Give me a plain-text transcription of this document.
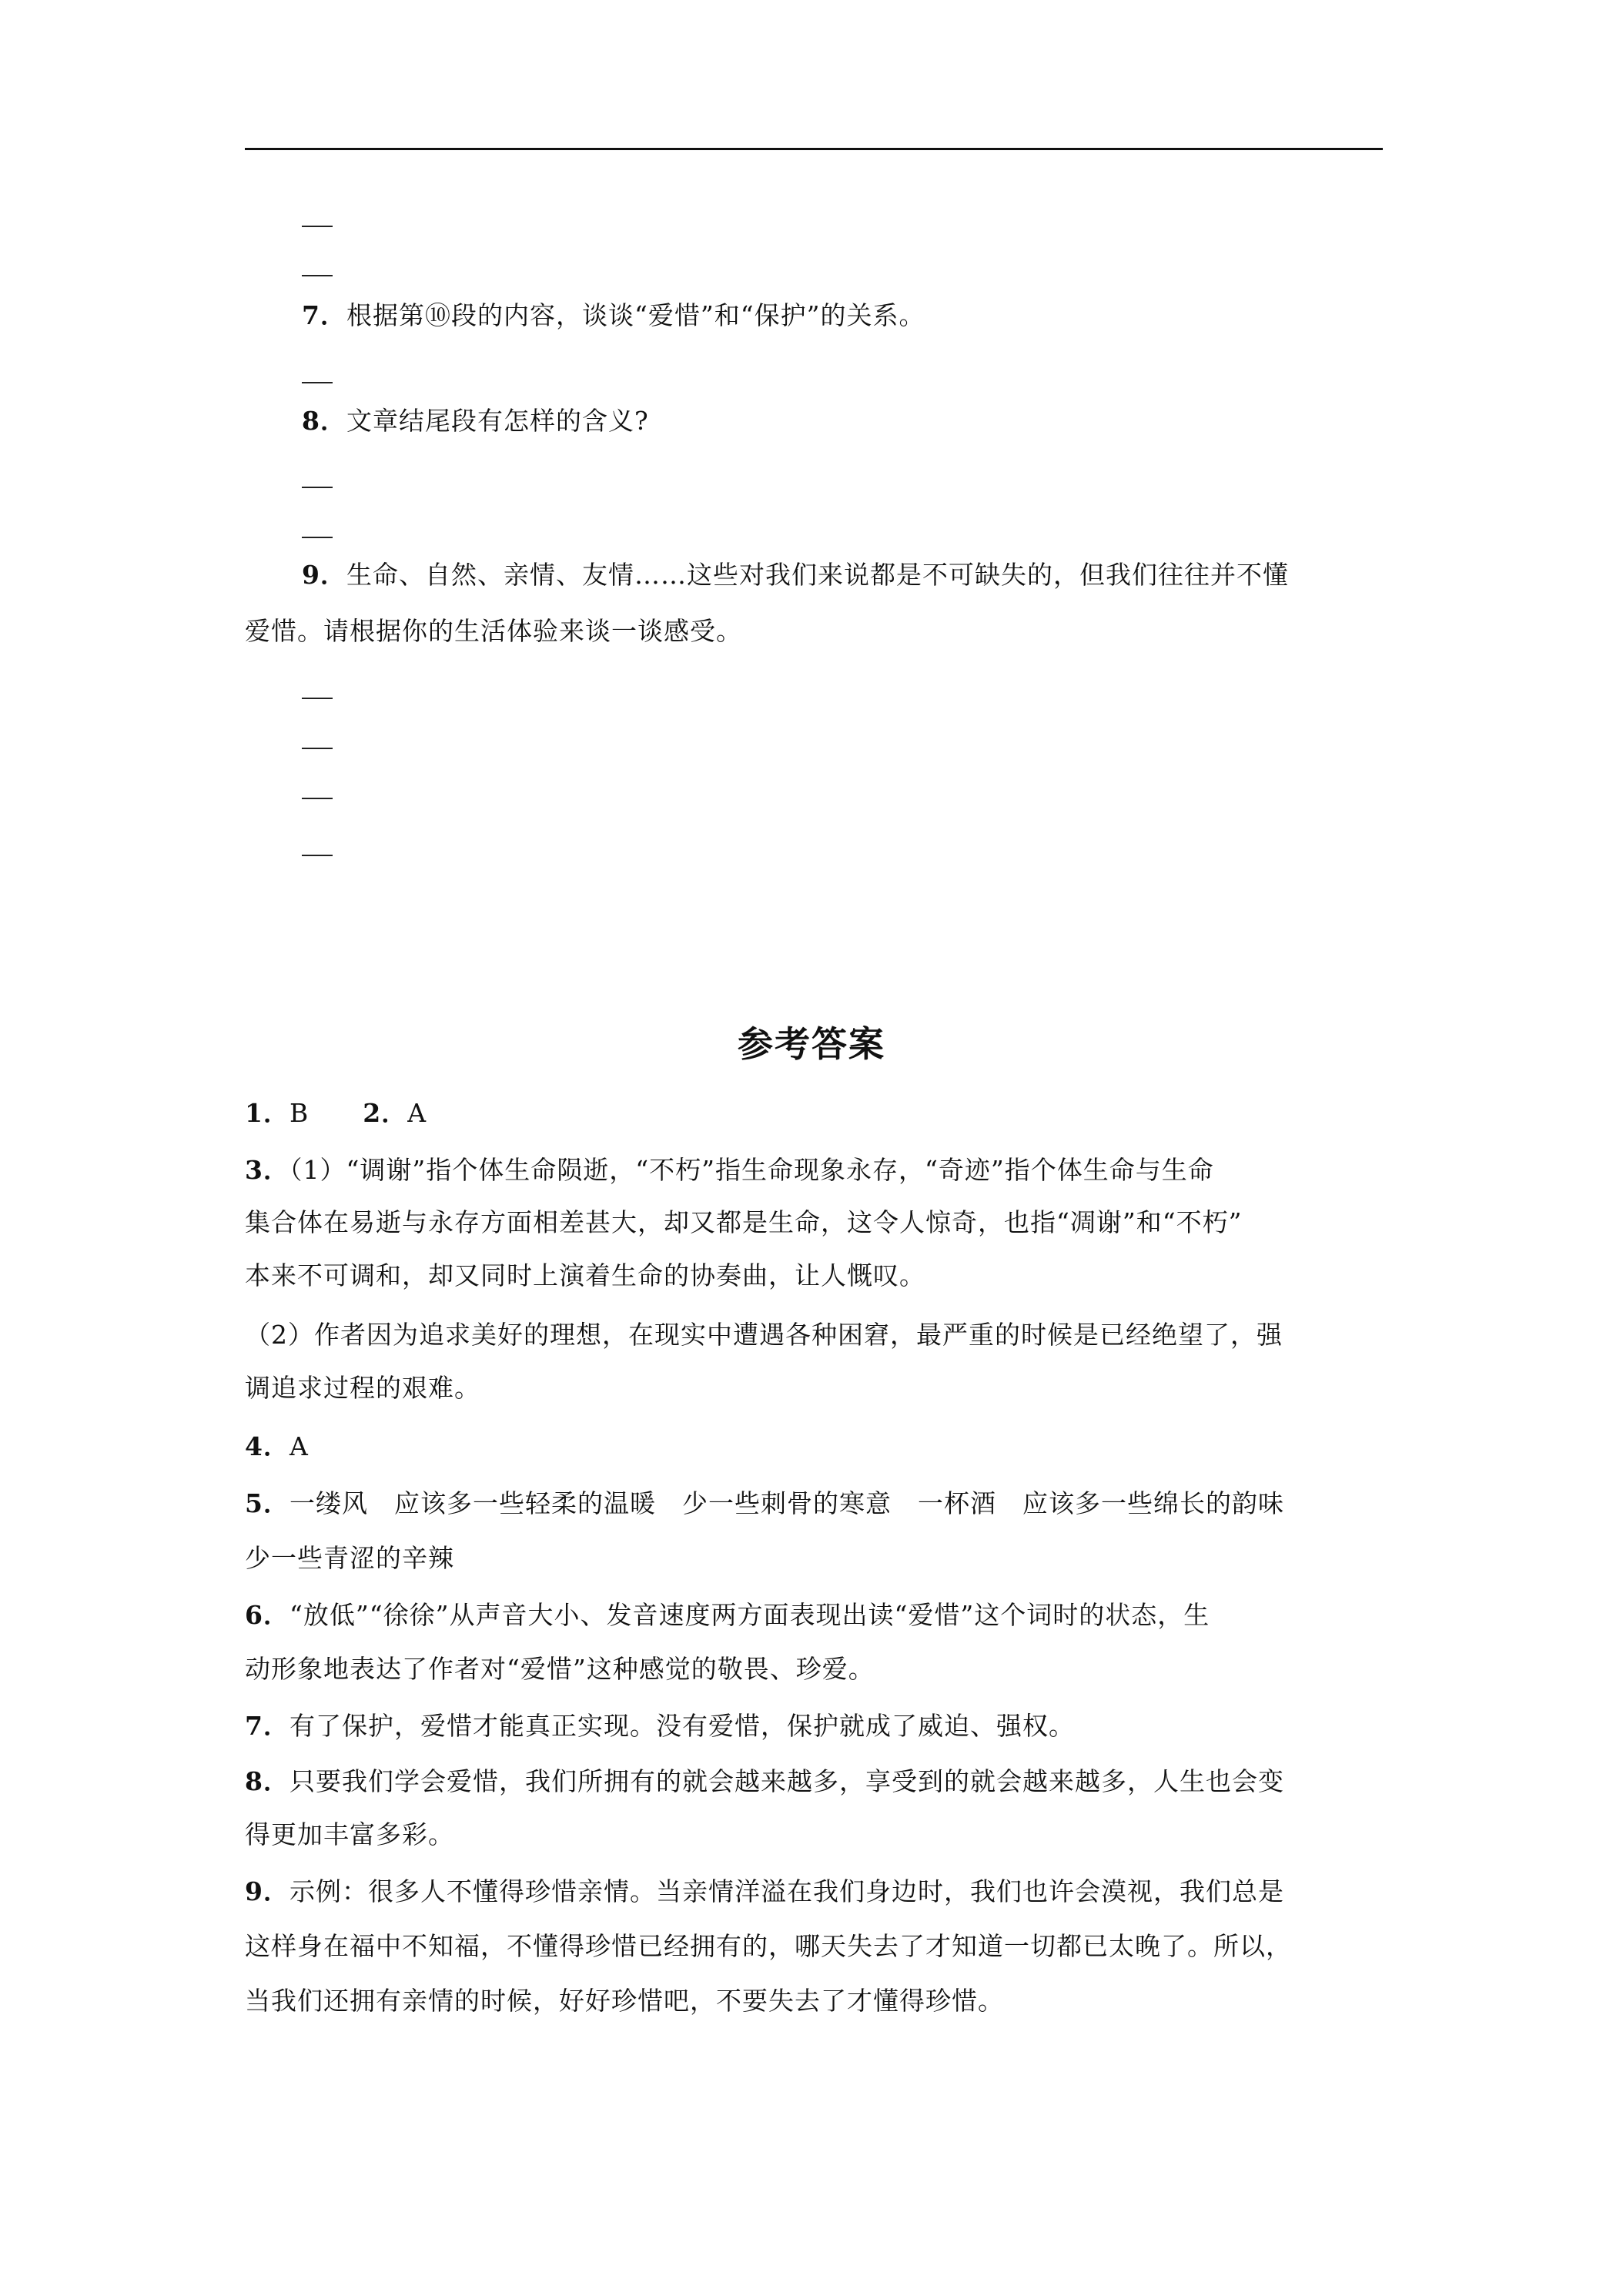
7．根据第⑩段的内容，谈谈“爱惜”和“保护”的关系。
8．文章结尾段有怎样的含义?
9．生命、自然、亲情、友情……这些对我们来说都是不可缺失的，但我们往往并不懂
爱惜。请根据你的生活体验来谈一谈感受。
参考答案
1．B 2．A
3．（1）“调谢”指个体生命陨逝，“不朽”指生命现象永存，“奇迹”指个体生命与生命
集合体在易逝与永存方面相差甚大，却又都是生命，这令人惊奇，也指“凋谢”和“不朽”
本来不可调和，却又同时上演着生命的协奏曲，让人慨叹。
（2）作者因为追求美好的理想，在现实中遭遇各种困窘，最严重的时候是已经绝望了，强
调追求过程的艰难。
4．A
5．一缕风　应该多一些轻柔的温暖　少一些刺骨的寒意　一杯酒　应该多一些绵长的韵味
少一些青涩的辛辣
6．“放低”“徐徐”从声音大小、发音速度两方面表现出读“爱惜”这个词时的状态，生
动形象地表达了作者对“爱惜”这种感觉的敬畏、珍爱。
7．有了保护，爱惜才能真正实现。没有爱惜，保护就成了威迫、强权。
8．只要我们学会爱惜，我们所拥有的就会越来越多，享受到的就会越来越多，人生也会变
得更加丰富多彩。
9．示例：很多人不懂得珍惜亲情。当亲情洋溢在我们身边时，我们也许会漠视，我们总是
这样身在福中不知福，不懂得珍惜已经拥有的，哪天失去了才知道一切都已太晚了。所以，
当我们还拥有亲情的时候，好好珍惜吧，不要失去了才懂得珍惜。
